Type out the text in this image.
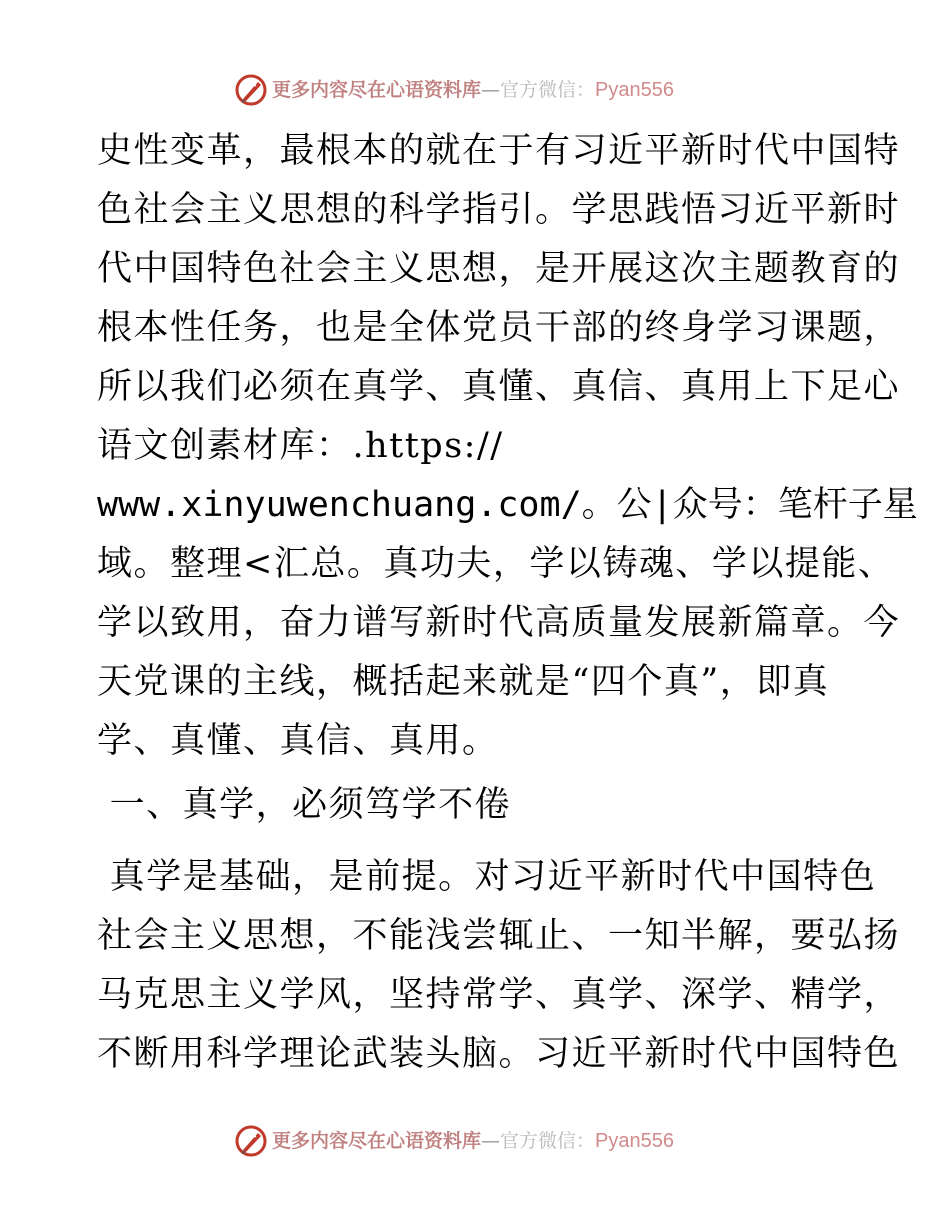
更多内容尽在心语资料库 — 官方微信： Pyan556
史性变革，最根本的就在于有习近平新时代中国特
色社会主义思想的科学指引。学思践悟习近平新时
代中国特色社会主义思想，是开展这次主题教育的
根本性任务，也是全体党员干部的终身学习课题，
所以我们必须在真学、真懂、真信、真用上下足心
语文创素材库：.https://
www.xinyuwenchuang.com/。公|众号：笔杆子星
域。整理<汇总。真功夫，学以铸魂、学以提能、
学以致用，奋力谱写新时代高质量发展新篇章。今
天党课的主线，概括起来就是“四个真”，即真
学、真懂、真信、真用。
一、真学，必须笃学不倦
真学是基础，是前提。对习近平新时代中国特色
社会主义思想，不能浅尝辄止、一知半解，要弘扬
马克思主义学风，坚持常学、真学、深学、精学，
不断用科学理论武装头脑。习近平新时代中国特色
更多内容尽在心语资料库 — 官方微信： Pyan556
